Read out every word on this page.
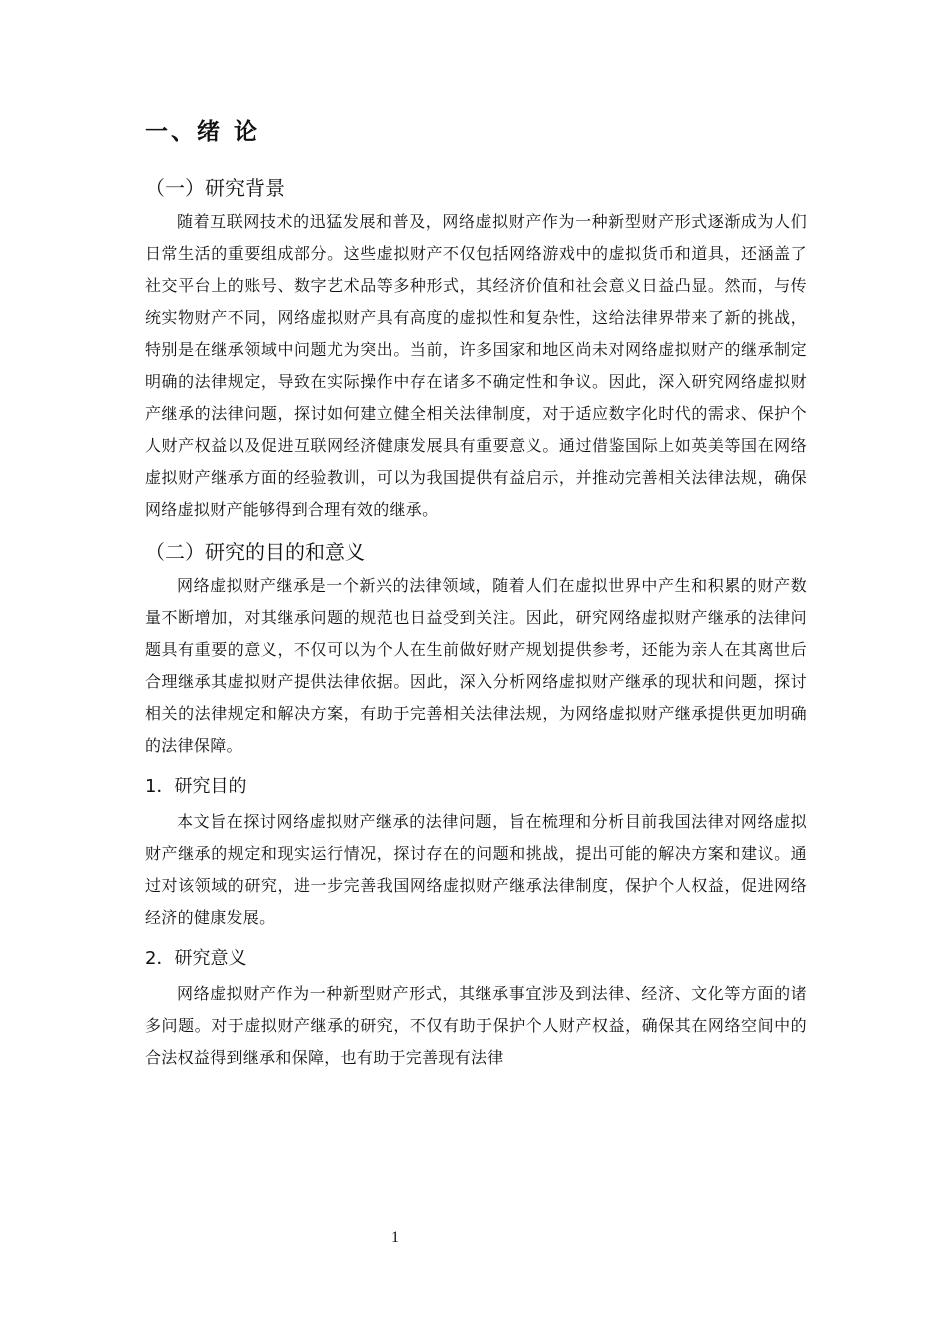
一、绪 论
（一）研究背景

随着互联网技术的迅猛发展和普及，网络虚拟财产作为一种新型财产形式逐渐成为人们日常生活的重要组成部分。这些虚拟财产不仅包括网络游戏中的虚拟货币和道具，还涵盖了社交平台上的账号、数字艺术品等多种形式，其经济价值和社会意义日益凸显。然而，与传统实物财产不同，网络虚拟财产具有高度的虚拟性和复杂性，这给法律界带来了新的挑战，特别是在继承领域中问题尤为突出。当前，许多国家和地区尚未对网络虚拟财产的继承制定明确的法律规定，导致在实际操作中存在诸多不确定性和争议。因此，深入研究网络虚拟财产继承的法律问题，探讨如何建立健全相关法律制度，对于适应数字化时代的需求、保护个人财产权益以及促进互联网经济健康发展具有重要意义。通过借鉴国际上如英美等国在网络虚拟财产继承方面的经验教训，可以为我国提供有益启示，并推动完善相关法律法规，确保网络虚拟财产能够得到合理有效的继承。

（二）研究的目的和意义

网络虚拟财产继承是一个新兴的法律领域，随着人们在虚拟世界中产生和积累的财产数量不断增加，对其继承问题的规范也日益受到关注。因此，研究网络虚拟财产继承的法律问题具有重要的意义，不仅可以为个人在生前做好财产规划提供参考，还能为亲人在其离世后合理继承其虚拟财产提供法律依据。因此，深入分析网络虚拟财产继承的现状和问题，探讨相关的法律规定和解决方案，有助于完善相关法律法规，为网络虚拟财产继承提供更加明确的法律保障。

1．研究目的

本文旨在探讨网络虚拟财产继承的法律问题，旨在梳理和分析目前我国法律对网络虚拟财产继承的规定和现实运行情况，探讨存在的问题和挑战，提出可能的解决方案和建议。通过对该领域的研究，进一步完善我国网络虚拟财产继承法律制度，保护个人权益，促进网络经济的健康发展。

2．研究意义

网络虚拟财产作为一种新型财产形式，其继承事宜涉及到法律、经济、文化等方面的诸多问题。对于虚拟财产继承的研究，不仅有助于保护个人财产权益，确保其在网络空间中的合法权益得到继承和保障，也有助于完善现有法律

1
